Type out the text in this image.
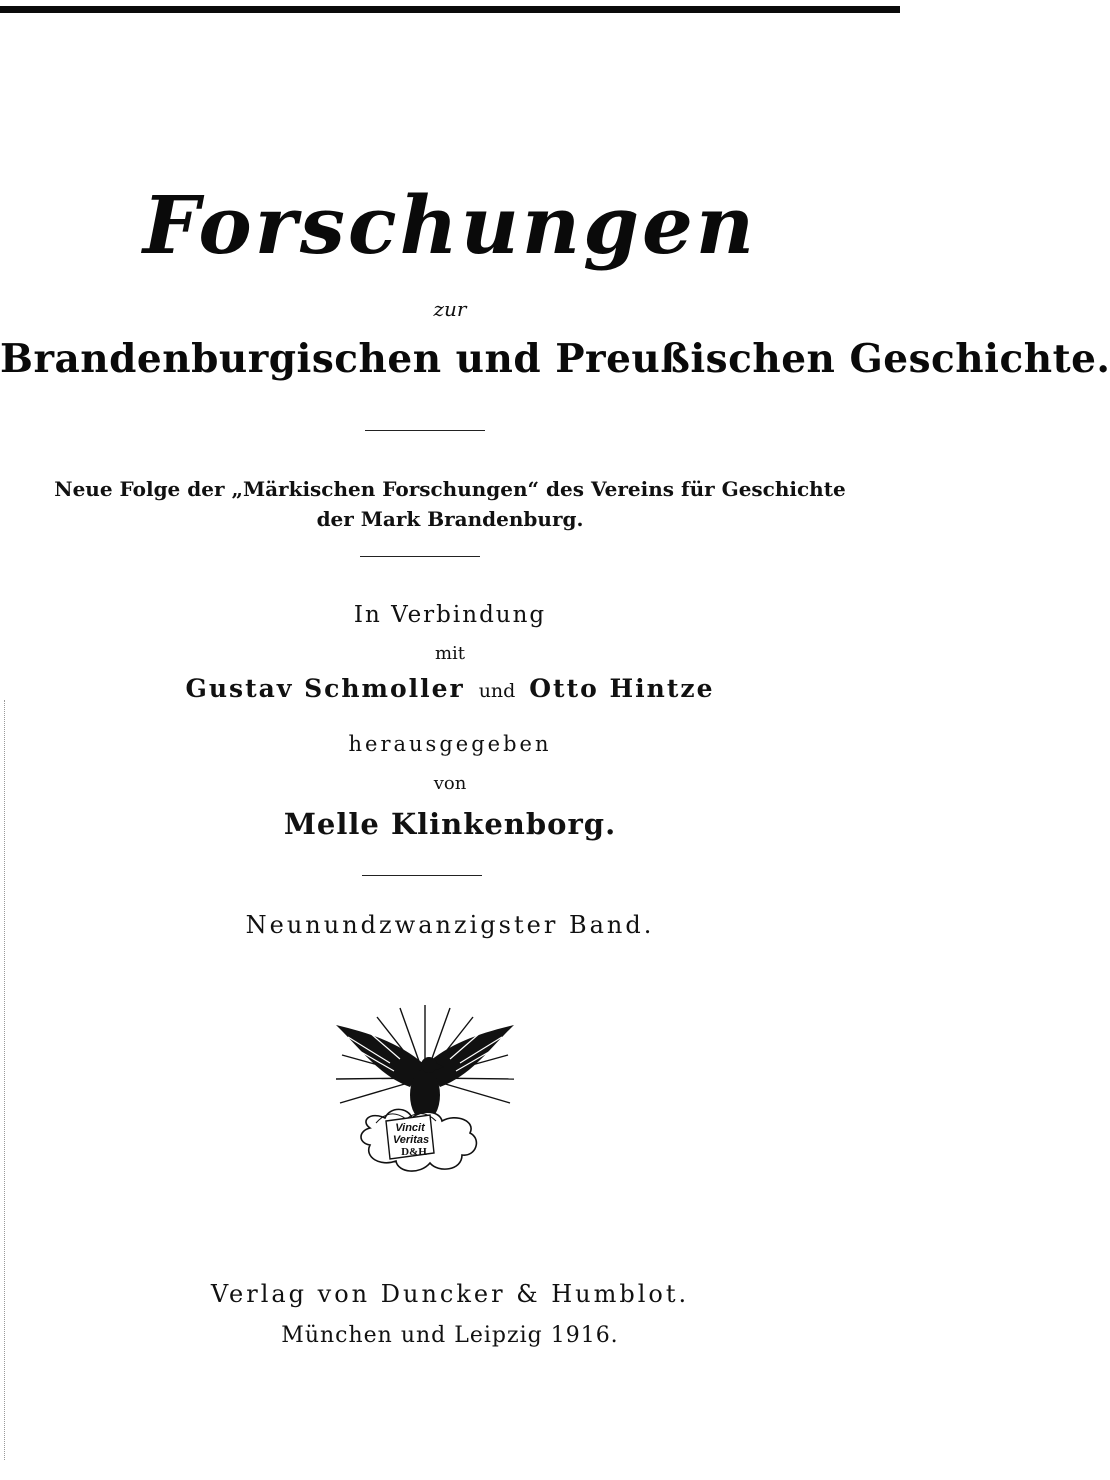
Forschungen
zur
Brandenburgischen und Preußischen Geschichte.
Neue Folge der „Märkischen Forschungen“ des Vereins für Geschichte
der Mark Brandenburg.
In Verbindung
mit
Gustav Schmoller und Otto Hintze
herausgegeben
von
Melle Klinkenborg.
Neunundzwanzigster Band.
Vincit
Veritas
D&H
Verlag von Duncker & Humblot.
München und Leipzig 1916.
